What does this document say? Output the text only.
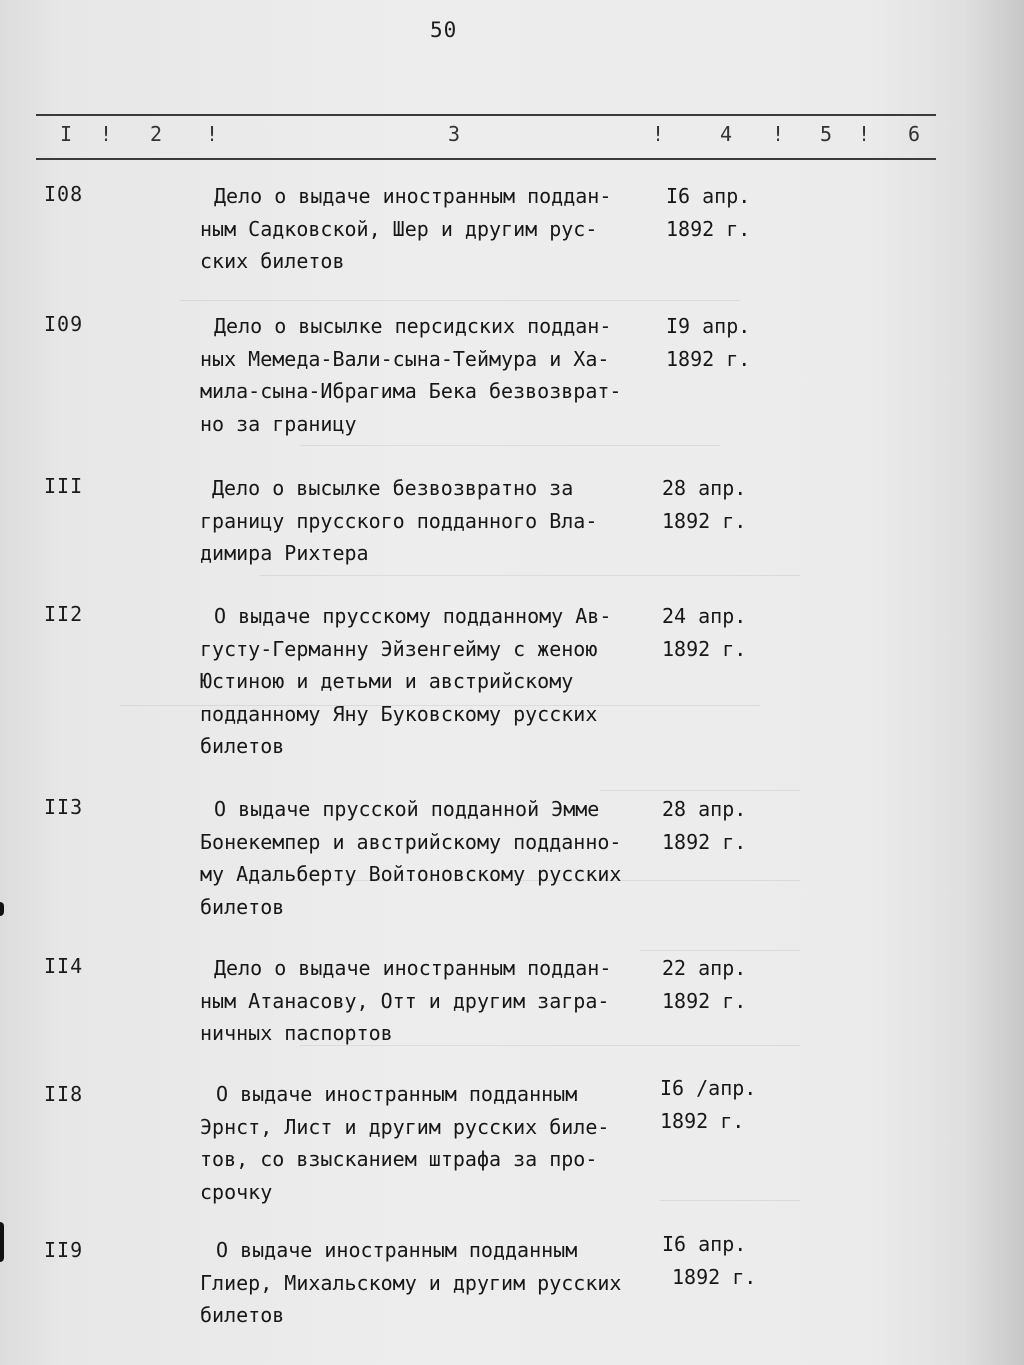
50
I ! 2 !	3	!	4 ! 5 ! 6
I08	Дело о выдаче иностранным поддан-
ным Садковской, Шер и другим рус-
ских билетов
I6 апр.
1892 г.
I09	Дело о высылке персидских поддан-
ных Мемеда-Вали-сына-Теймура и Ха-
мила-сына-Ибрагима Бека безвозврат-
но за границу
I9 апр.
1892 г.
III	Дело о высылке безвозвратно за
границу прусского подданного Вла-
димира Рихтера
28 апр.
1892 г.
II2	О выдаче прусскому подданному Ав-
густу-Германну Эйзенгейму с женою
Юстиною и детьми и австрийскому
подданному Яну Буковскому русских
билетов
24 апр.
1892 г.
II3	О выдаче прусской подданной Эмме
Бонекемпер и австрийскому подданно-
му Адальберту Войтоновскому русских
билетов
28 апр.
1892 г.
II4	Дело о выдаче иностранным поддан-
ным Атанасову, Отт и другим загра-
ничных паспортов
22 апр.
1892 г.
II8	О выдаче иностранным подданным
Эрнст, Лист и другим русских биле-
тов, со взысканием штрафа за про-
срочку
I6 /апр.
1892 г.
II9	О выдаче иностранным подданным
Глиер, Михальскому и другим русских
билетов
I6 апр.
1892 г.
